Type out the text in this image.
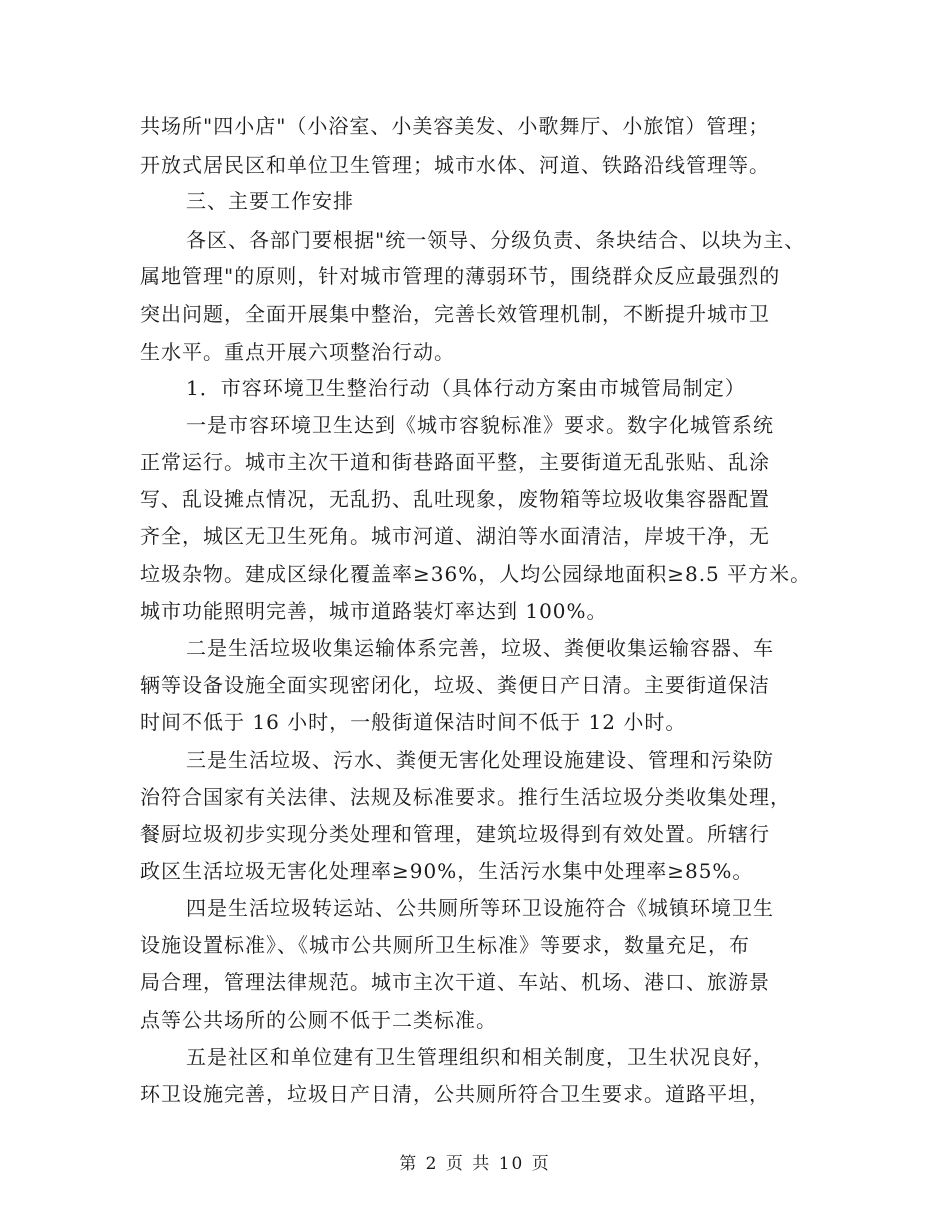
共场所"四小店"（小浴室、小美容美发、小歌舞厅、小旅馆）管理；
开放式居民区和单位卫生管理；城市水体、河道、铁路沿线管理等。
三、主要工作安排
各区、各部门要根据"统一领导、分级负责、条块结合、以块为主、
属地管理"的原则，针对城市管理的薄弱环节，围绕群众反应最强烈的
突出问题，全面开展集中整治，完善长效管理机制，不断提升城市卫
生水平。重点开展六项整治行动。
1．市容环境卫生整治行动（具体行动方案由市城管局制定）
一是市容环境卫生达到《城市容貌标准》要求。数字化城管系统
正常运行。城市主次干道和街巷路面平整，主要街道无乱张贴、乱涂
写、乱设摊点情况，无乱扔、乱吐现象，废物箱等垃圾收集容器配置
齐全，城区无卫生死角。城市河道、湖泊等水面清洁，岸坡干净，无
垃圾杂物。建成区绿化覆盖率≥36%，人均公园绿地面积≥8.5 平方米。
城市功能照明完善，城市道路装灯率达到 100%。
二是生活垃圾收集运输体系完善，垃圾、粪便收集运输容器、车
辆等设备设施全面实现密闭化，垃圾、粪便日产日清。主要街道保洁
时间不低于 16 小时，一般街道保洁时间不低于 12 小时。
三是生活垃圾、污水、粪便无害化处理设施建设、管理和污染防
治符合国家有关法律、法规及标准要求。推行生活垃圾分类收集处理，
餐厨垃圾初步实现分类处理和管理，建筑垃圾得到有效处置。所辖行
政区生活垃圾无害化处理率≥90%，生活污水集中处理率≥85%。
四是生活垃圾转运站、公共厕所等环卫设施符合《城镇环境卫生
设施设置标准》、《城市公共厕所卫生标准》等要求，数量充足，布
局合理，管理法律规范。城市主次干道、车站、机场、港口、旅游景
点等公共场所的公厕不低于二类标准。
五是社区和单位建有卫生管理组织和相关制度，卫生状况良好，
环卫设施完善，垃圾日产日清，公共厕所符合卫生要求。道路平坦，
第 2 页 共 10 页
